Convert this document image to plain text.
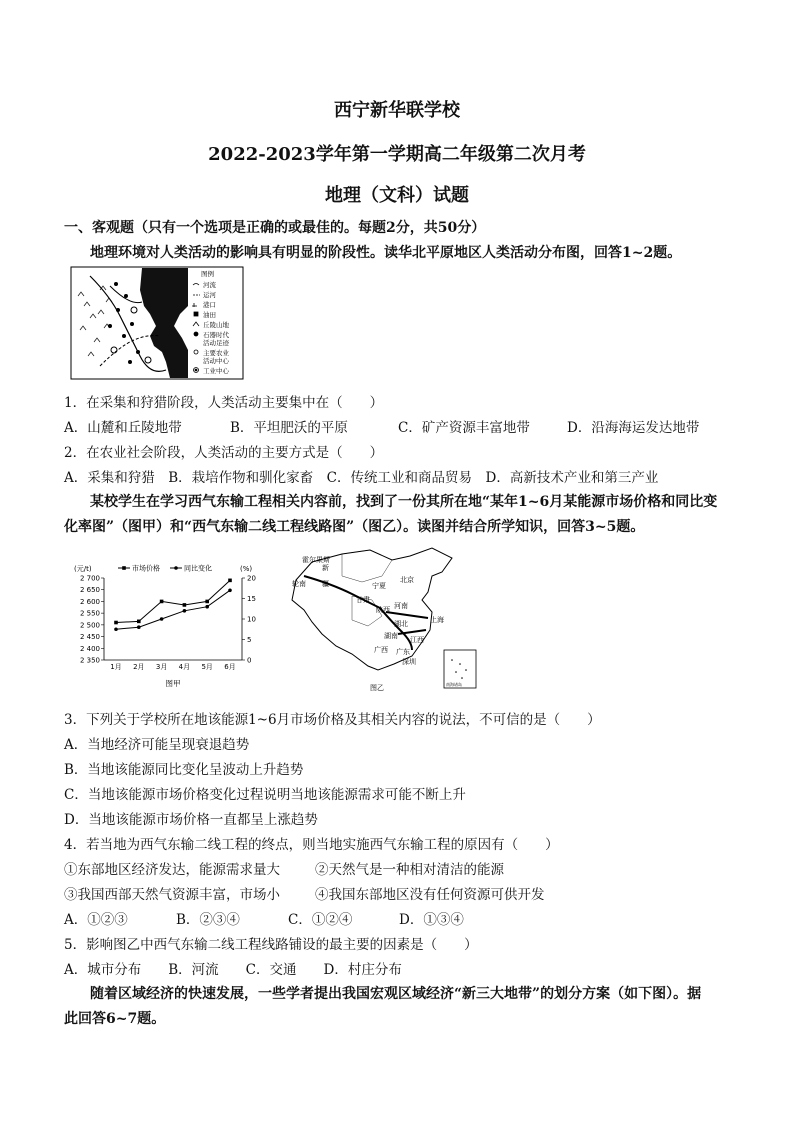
西宁新华联学校
2022-2023学年第一学期高二年级第二次月考
地理（文科）试题
一、客观题（只有一个选项是正确的或最佳的。每题2分，共50分）
地理环境对人类活动的影响具有明显的阶段性。读华北平原地区人类活动分布图，回答1~2题。
图例
河流
运河
港口
油田
丘陵山地
石器时代
活动足迹
主要农业
活动中心
工业中心
1．在采集和狩猎阶段，人类活动主要集中在（　　）
A．山麓和丘陵地带	B．平坦肥沃的平原	C．矿产资源丰富地带	D．沿海海运发达地带
2．在农业社会阶段，人类活动的主要方式是（　　）
A．采集和狩猎　B．栽培作物和驯化家畜　C．传统工业和商品贸易　D．高新技术产业和第三产业
某校学生在学习西气东输工程相关内容前，找到了一份其所在地“某年1~6月某能源市场价格和同比变
化率图”（图甲）和“西气东输二线工程线路图”（图乙）。读图并结合所学知识，回答3~5题。
2 700
2 650
2 600
2 550
2 500
2 450
2 400
2 350
20
15
10
5
0
(元/t)	(%)
1月 2月 3月 4月 5月 6月
市场价格	同比变化
图甲
霍尔果斯
新
疆
轮南	宁夏
北京
甘肃
陕西 河南
湖北	上海
湖南 江西
广东
广西
深圳
图乙	南海诸岛
3．下列关于学校所在地该能源1~6月市场价格及其相关内容的说法，不可信的是（　　）
A．当地经济可能呈现衰退趋势
B．当地该能源同比变化呈波动上升趋势
C．当地该能源市场价格变化过程说明当地该能源需求可能不断上升
D．当地该能源市场价格一直都呈上涨趋势
4．若当地为西气东输二线工程的终点，则当地实施西气东输工程的原因有（　　）
①东部地区经济发达，能源需求量大	②天然气是一种相对清洁的能源
③我国西部天然气资源丰富，市场小	④我国东部地区没有任何资源可供开发
A．①②③	B．②③④	C．①②④	D．①③④
5．影响图乙中西气东输二线工程线路铺设的最主要的因素是（　　）
A．城市分布　　B．河流　　C．交通　　D．村庄分布
随着区域经济的快速发展，一些学者提出我国宏观区域经济“新三大地带”的划分方案（如下图）。据
此回答6~7题。
